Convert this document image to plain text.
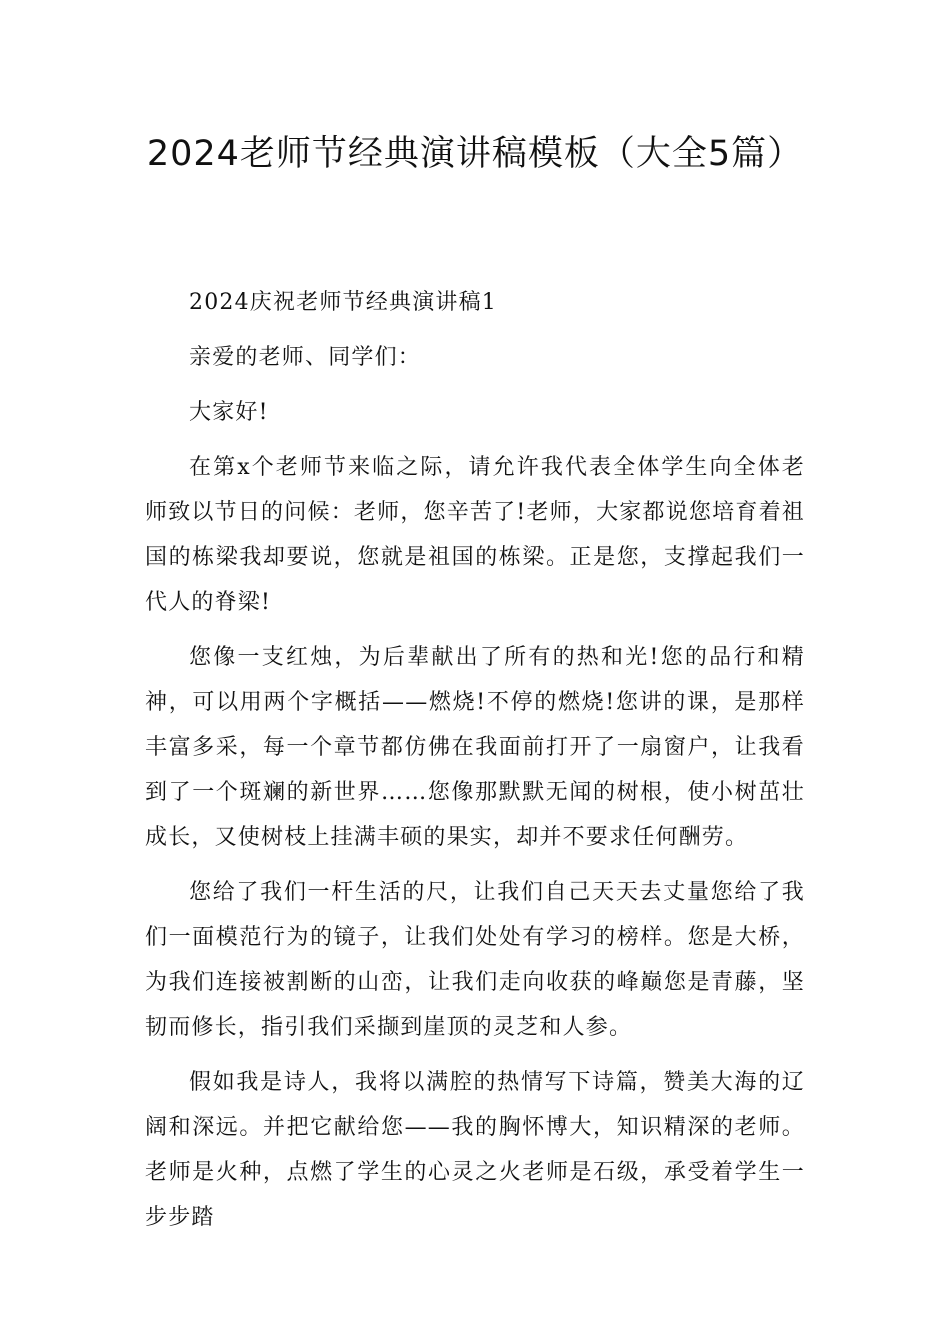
2024老师节经典演讲稿模板（大全5篇）

2024庆祝老师节经典演讲稿1

亲爱的老师、同学们：

大家好!

在第x个老师节来临之际，请允许我代表全体学生向全体老师致以节日的问候：老师，您辛苦了!老师，大家都说您培育着祖国的栋梁我却要说，您就是祖国的栋梁。正是您，支撑起我们一代人的脊梁!

您像一支红烛，为后辈献出了所有的热和光!您的品行和精神，可以用两个字概括——燃烧!不停的燃烧!您讲的课，是那样丰富多采，每一个章节都仿佛在我面前打开了一扇窗户，让我看到了一个斑斓的新世界……您像那默默无闻的树根，使小树茁壮成长，又使树枝上挂满丰硕的果实，却并不要求任何酬劳。

您给了我们一杆生活的尺，让我们自己天天去丈量您给了我们一面模范行为的镜子，让我们处处有学习的榜样。您是大桥，为我们连接被割断的山峦，让我们走向收获的峰巅您是青藤，坚韧而修长，指引我们采撷到崖顶的灵芝和人参。

假如我是诗人，我将以满腔的热情写下诗篇，赞美大海的辽阔和深远。并把它献给您——我的胸怀博大，知识精深的老师。老师是火种，点燃了学生的心灵之火老师是石级，承受着学生一步步踏
